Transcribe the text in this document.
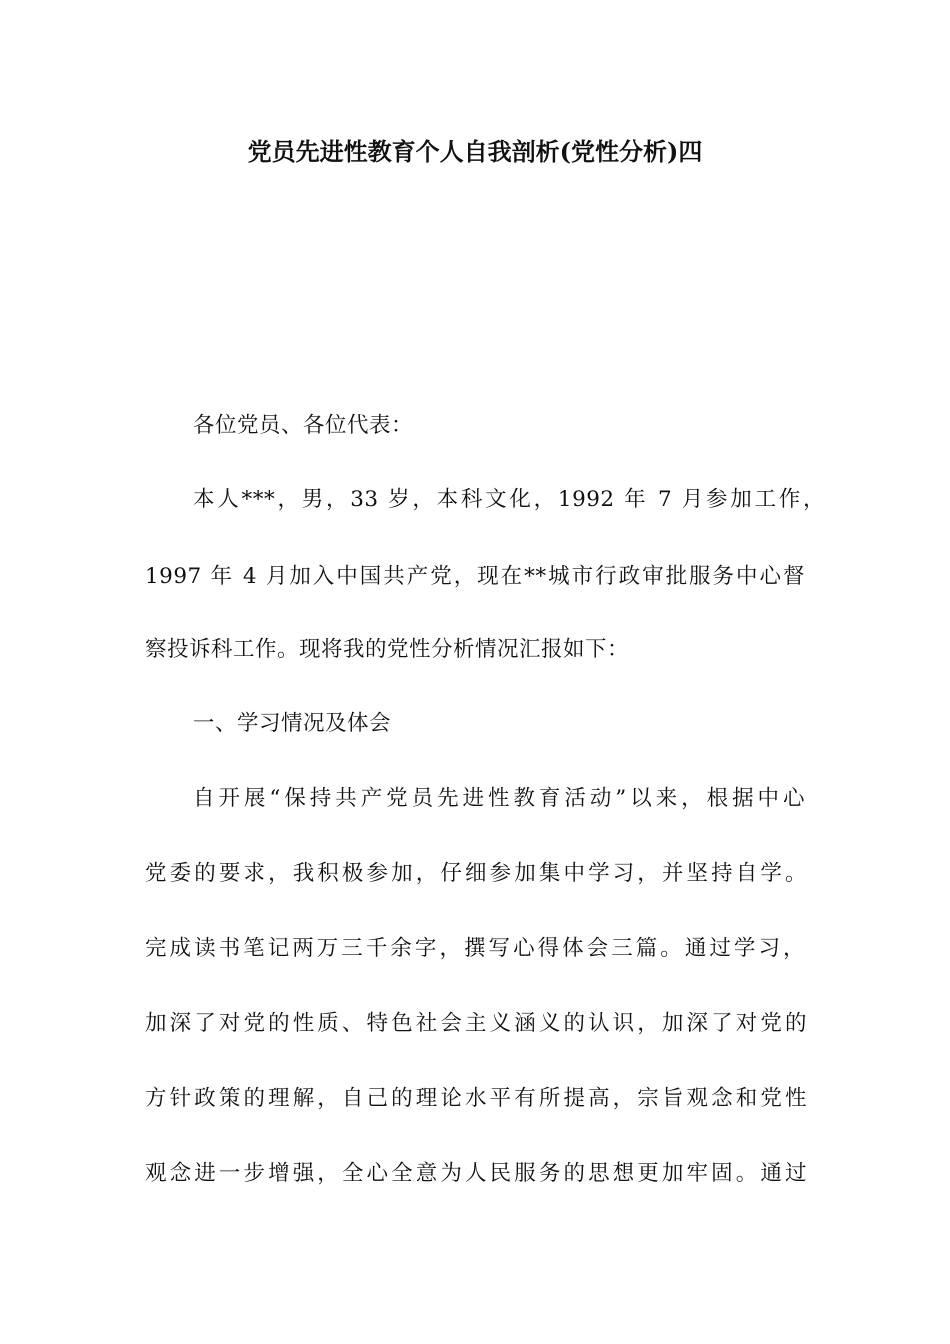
党员先进性教育个人自我剖析(党性分析)四
各位党员、各位代表：
本人***，男，33 岁，本科文化，1992 年 7 月参加工作，
1997 年 4 月加入中国共产党，现在**城市行政审批服务中心督
察投诉科工作。现将我的党性分析情况汇报如下：
一、学习情况及体会
自开展“保持共产党员先进性教育活动”以来，根据中心
党委的要求，我积极参加，仔细参加集中学习，并坚持自学。
完成读书笔记两万三千余字，撰写心得体会三篇。通过学习，
加深了对党的性质、特色社会主义涵义的认识，加深了对党的
方针政策的理解，自己的理论水平有所提高，宗旨观念和党性
观念进一步增强，全心全意为人民服务的思想更加牢固。通过
